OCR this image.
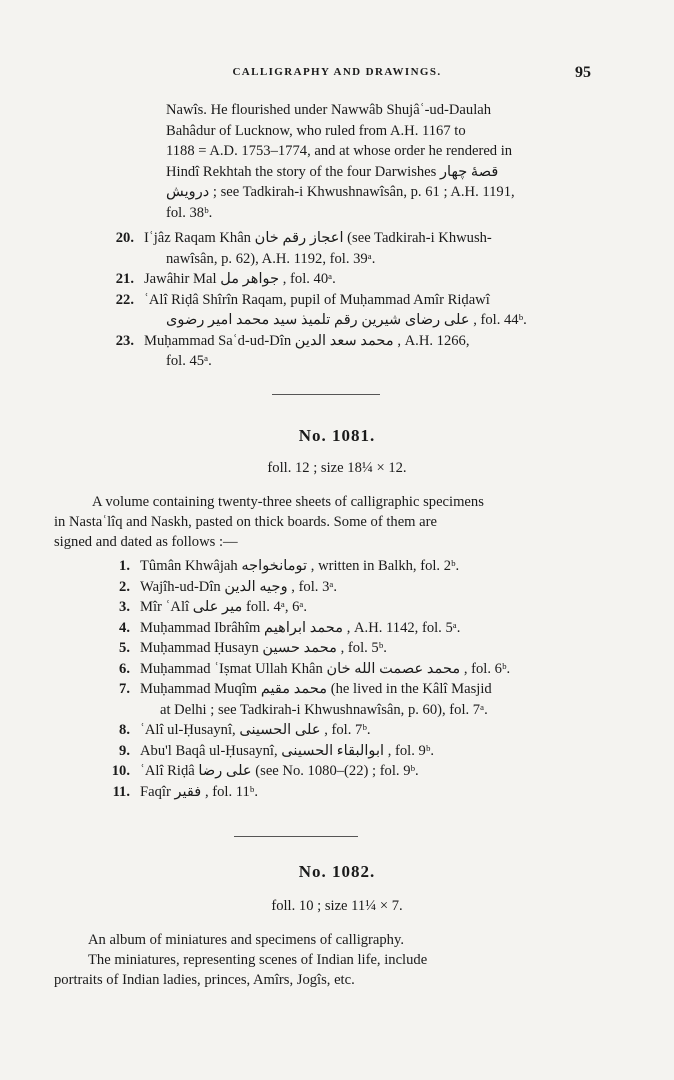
CALLIGRAPHY AND DRAWINGS.	95
Nawîs. He flourished under Nawwâb Shujâʿ-ud-Daulah
Bahâdur of Lucknow, who ruled from A.H. 1167 to
1188 = A.D. 1753–1774, and at whose order he rendered in
Hindî Rekhtah the story of the four Darwishes قصهٔ چهار
درویش ; see Tadkirah-i Khwushnawîsân, p. 61 ; A.H. 1191,
fol. 38ᵇ.
20. Iʿjâz Raqam Khân اعجاز رقم خان (see Tadkirah-i Khwush-
nawîsân, p. 62), A.H. 1192, fol. 39ᵃ.
21. Jawâhir Mal جواهر مل , fol. 40ᵃ.
22. ʿAlî Riḍâ Shîrîn Raqam, pupil of Muḥammad Amîr Riḍawî
علی رضای شیرین رقم تلمیذ سید محمد امیر رضوی , fol. 44ᵇ.
23. Muḥammad Saʿd-ud-Dîn محمد سعد الدین , A.H. 1266,
fol. 45ᵃ.
No. 1081.
foll. 12 ; size 18¼ × 12.
A volume containing twenty-three sheets of calligraphic specimens
in Nastaʿlîq and Naskh, pasted on thick boards. Some of them are
signed and dated as follows :—
1. Tûmân Khwâjah تومانخواجه , written in Balkh, fol. 2ᵇ.
2. Wajîh-ud-Dîn وجیه الدین , fol. 3ᵃ.
3. Mîr ʿAlî میر علی foll. 4ᵃ, 6ᵃ.
4. Muḥammad Ibrâhîm محمد ابراهیم , A.H. 1142, fol. 5ᵃ.
5. Muḥammad Ḥusayn محمد حسین , fol. 5ᵇ.
6. Muḥammad ʿIṣmat Ullah Khân محمد عصمت الله خان , fol. 6ᵇ.
7. Muḥammad Muqîm محمد مقیم (he lived in the Kâlî Masjid
at Delhi ; see Tadkirah-i Khwushnawîsân, p. 60), fol. 7ᵃ.
8. ʿAlî ul-Ḥusaynî, علی الحسینی , fol. 7ᵇ.
9. Abu'l Baqâ ul-Ḥusaynî, ابوالبقاء الحسینی , fol. 9ᵇ.
10. ʿAlî Riḍâ علی رضا (see No. 1080–(22) ; fol. 9ᵇ.
11. Faqîr فقیر , fol. 11ᵇ.
No. 1082.
foll. 10 ; size 11¼ × 7.
An album of miniatures and specimens of calligraphy.
The miniatures, representing scenes of Indian life, include
portraits of Indian ladies, princes, Amîrs, Jogîs, etc.
